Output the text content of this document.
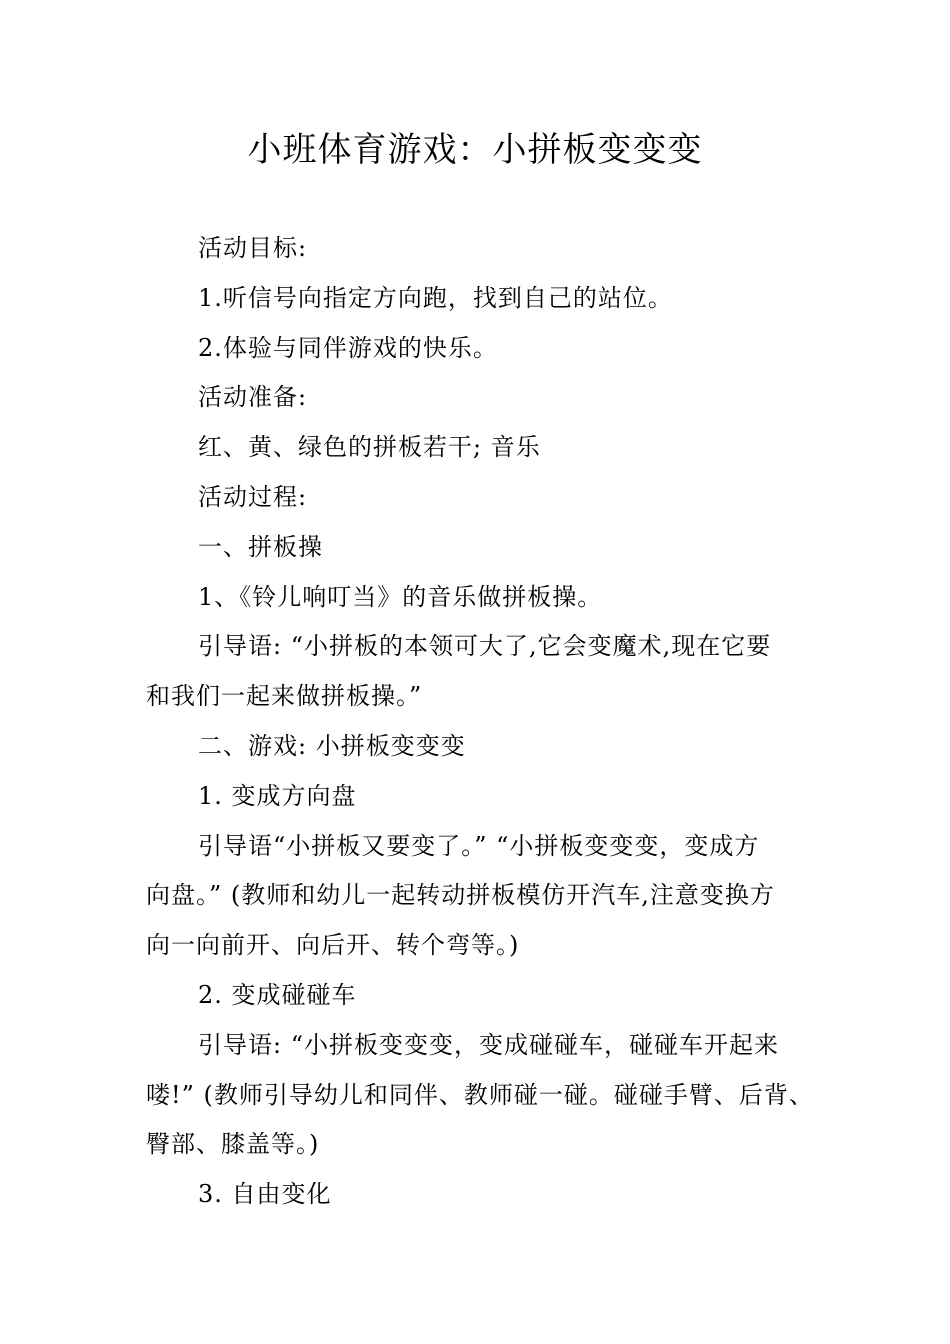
小班体育游戏：小拼板变变变
活动目标:
1.听信号向指定方向跑，找到自己的站位。
2.体验与同伴游戏的快乐。
活动准备:
红、黄、绿色的拼板若干; 音乐
活动过程:
一、拼板操
1、《铃儿响叮当》的音乐做拼板操。
引导语: “小拼板的本领可大了,它会变魔术,现在它要
和我们一起来做拼板操。”
二、游戏: 小拼板变变变
1. 变成方向盘
引导语“小拼板又要变了。” “小拼板变变变，变成方
向盘。” (教师和幼儿一起转动拼板模仿开汽车,注意变换方
向一向前开、向后开、转个弯等。)
2. 变成碰碰车
引导语: “小拼板变变变，变成碰碰车，碰碰车开起来
喽!” (教师引导幼儿和同伴、教师碰一碰。碰碰手臂、后背、
臀部、膝盖等。)
3. 自由变化
